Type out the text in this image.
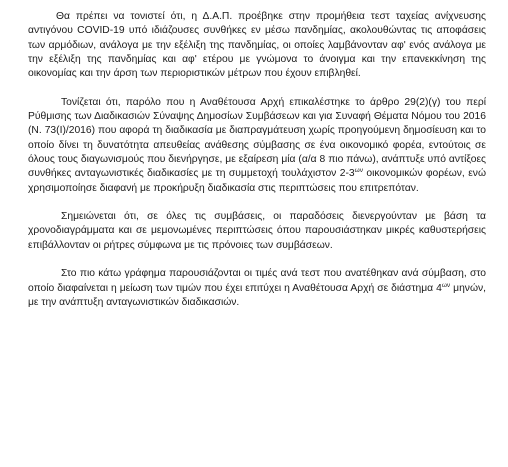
Θα πρέπει να τονιστεί ότι, η Δ.Α.Π. προέβηκε στην προμήθεια τεστ ταχείας ανίχνευσης αντιγόνου COVID-19 υπό ιδιάζουσες συνθήκες εν μέσω πανδημίας, ακολουθώντας τις αποφάσεις των αρμόδιων, ανάλογα με την εξέλιξη της πανδημίας, οι οποίες λαμβάνονταν αφ' ενός ανάλογα με την εξέλιξη της πανδημίας και αφ' ετέρου με γνώμονα το άνοιγμα και την επανεκκίνηση της οικονομίας και την άρση των περιοριστικών μέτρων που έχουν επιβληθεί.

Τονίζεται ότι, παρόλο που η Αναθέτουσα Αρχή επικαλέστηκε το άρθρο 29(2)(γ) του περί Ρύθμισης των Διαδικασιών Σύναψης Δημοσίων Συμβάσεων και για Συναφή Θέματα Νόμου του 2016 (Ν. 73(Ι)/2016) που αφορά τη διαδικασία με διαπραγμάτευση χωρίς προηγούμενη δημοσίευση και το οποίο δίνει τη δυνατότητα απευθείας ανάθεσης σύμβασης σε ένα οικονομικό φορέα, εντούτοις σε όλους τους διαγωνισμούς που διενήργησε, με εξαίρεση μία (α/α 8 πιο πάνω), ανάπτυξε υπό αντίξοες συνθήκες ανταγωνιστικές διαδικασίες με τη συμμετοχή τουλάχιστον $2-3^{\omega\nu}$ οικονομικών φορέων, ενώ χρησιμοποίησε διαφανή με προκήρυξη διαδικασία στις περιπτώσεις που επιτρεπόταν.

Σημειώνεται ότι, σε όλες τις συμβάσεις, οι παραδόσεις διενεργούνταν με βάση τα χρονοδιαγράμματα και σε μεμονωμένες περιπτώσεις όπου παρουσιάστηκαν μικρές καθυστερήσεις επιβάλλονταν οι ρήτρες σύμφωνα με τις πρόνοιες των συμβάσεων.

Στο πιο κάτω γράφημα παρουσιάζονται οι τιμές ανά τεστ που ανατέθηκαν ανά σύμβαση, στο οποίο διαφαίνεται η μείωση των τιμών που έχει επιτύχει η Αναθέτουσα Αρχή σε διάστημα $4^{\omega\nu}$ μηνών, με την ανάπτυξη ανταγωνιστικών διαδικασιών.
